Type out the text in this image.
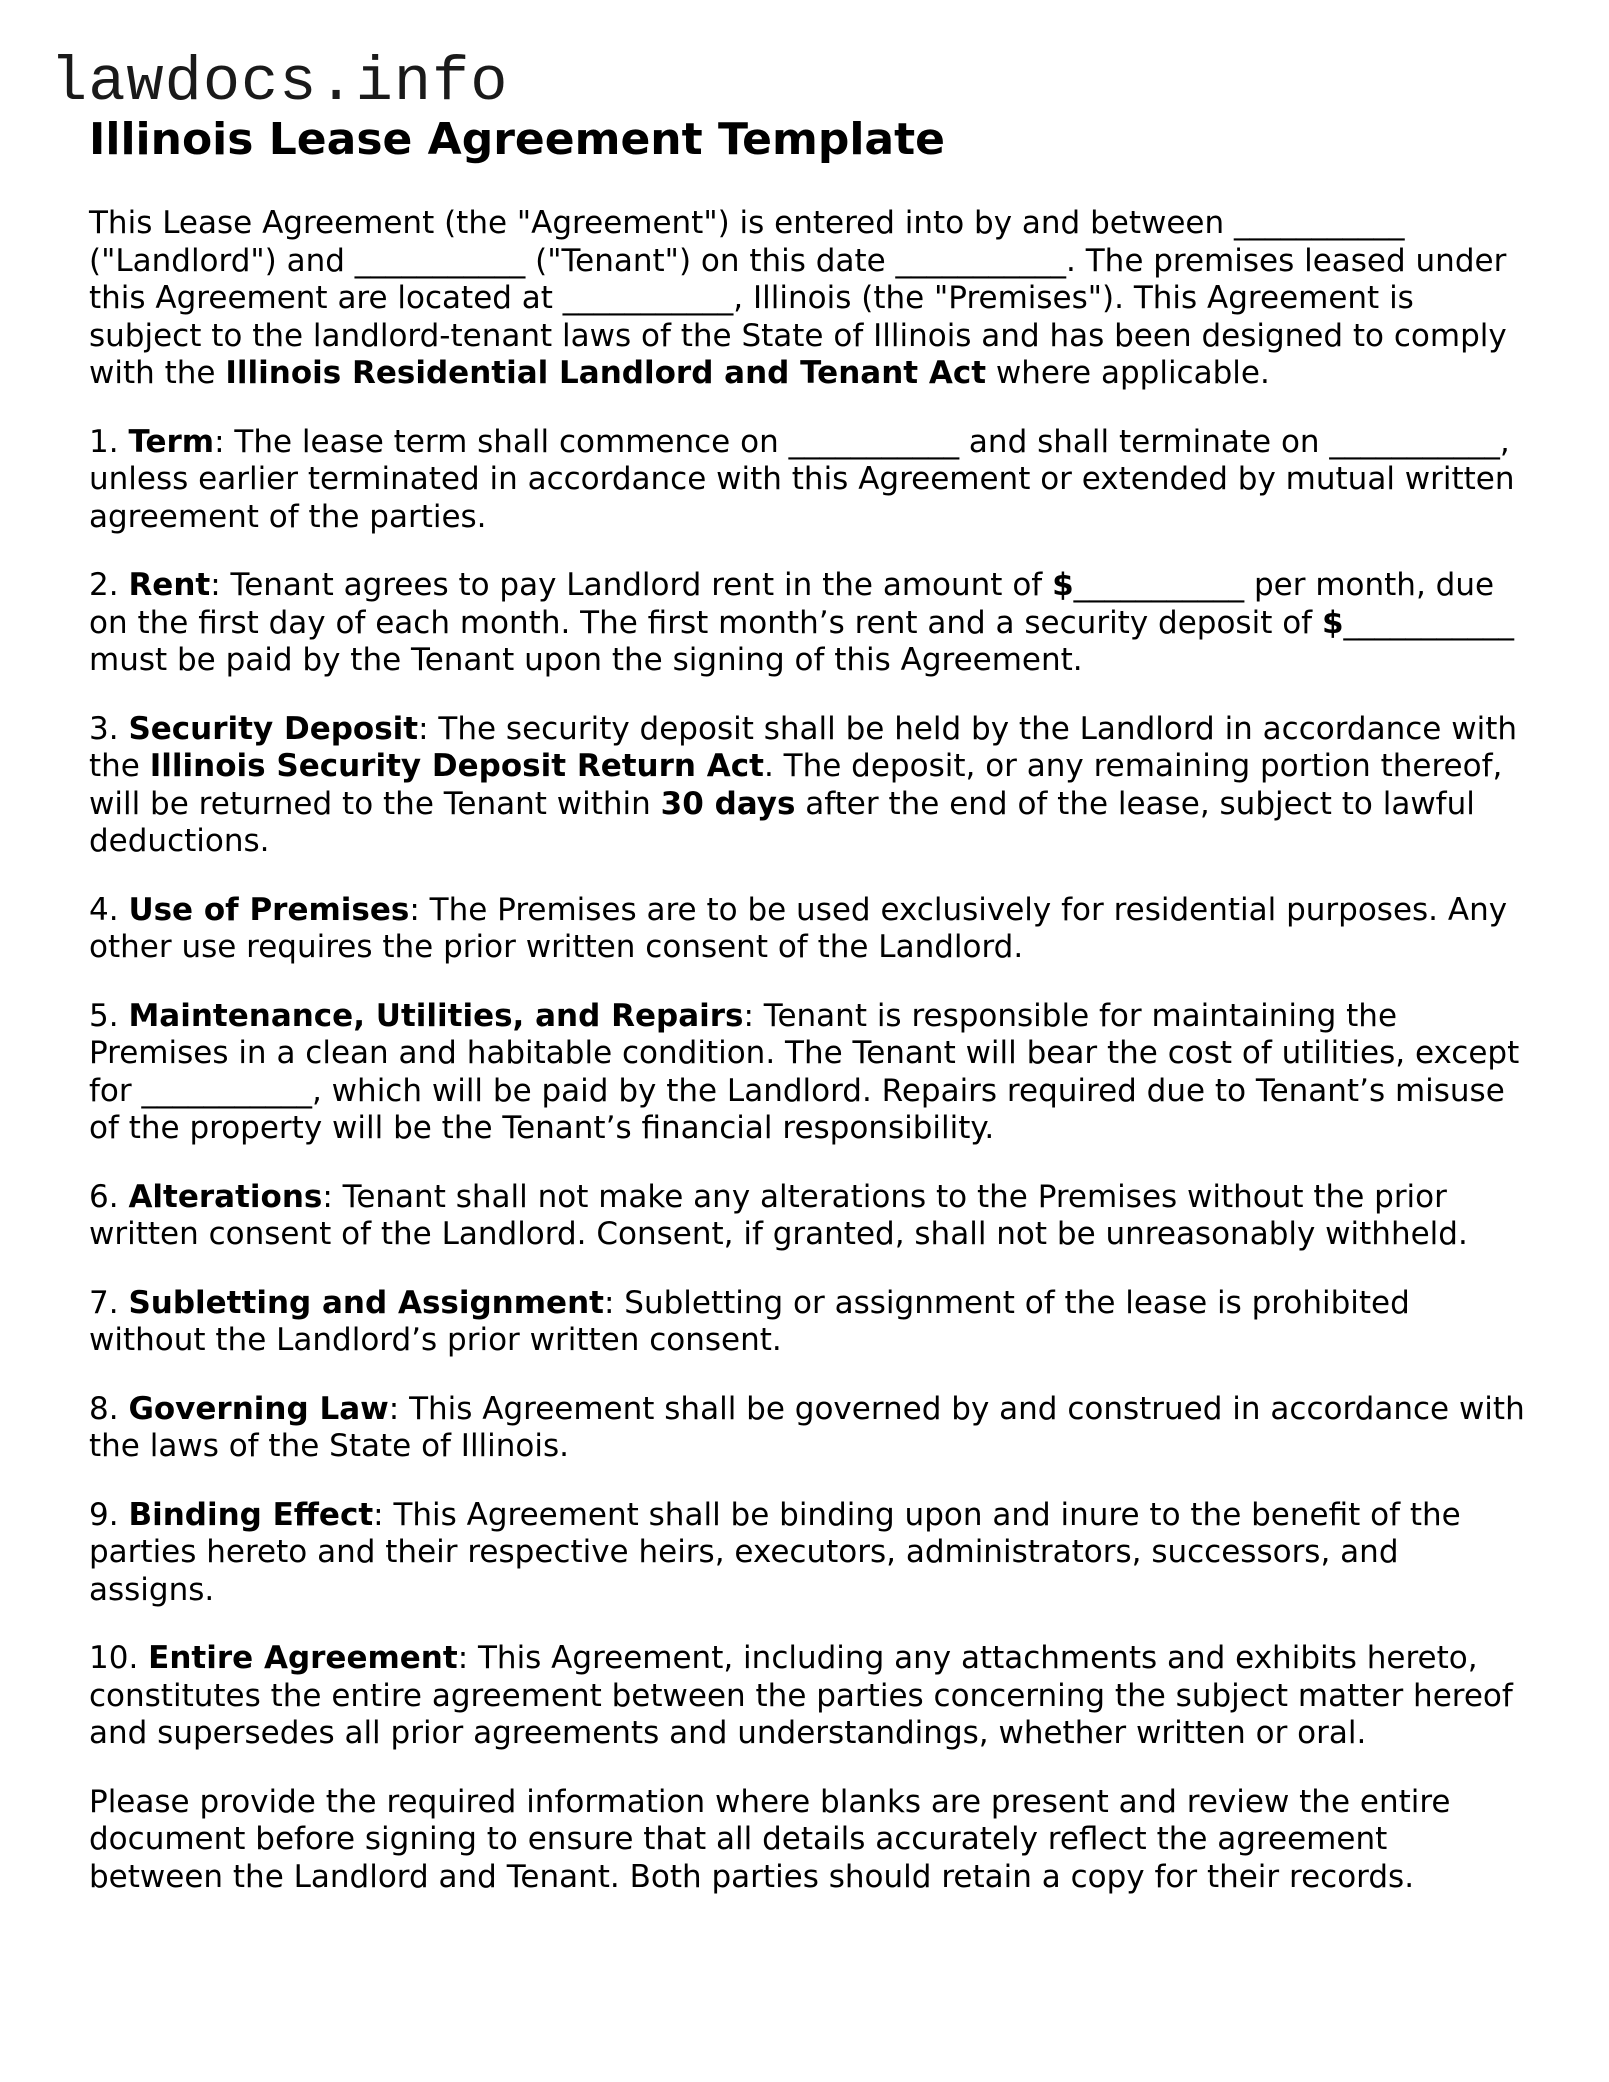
lawdocs.info
Illinois Lease Agreement Template

This Lease Agreement (the "Agreement") is entered into by and between ___________ ("Landlord") and ___________ ("Tenant") on this date ___________. The premises leased under this Agreement are located at ___________, Illinois (the "Premises"). This Agreement is subject to the landlord-tenant laws of the State of Illinois and has been designed to comply with the Illinois Residential Landlord and Tenant Act where applicable.

1. Term: The lease term shall commence on ___________ and shall terminate on ___________, unless earlier terminated in accordance with this Agreement or extended by mutual written agreement of the parties.

2. Rent: Tenant agrees to pay Landlord rent in the amount of $___________ per month, due on the first day of each month. The first month’s rent and a security deposit of $___________ must be paid by the Tenant upon the signing of this Agreement.

3. Security Deposit: The security deposit shall be held by the Landlord in accordance with the Illinois Security Deposit Return Act. The deposit, or any remaining portion thereof, will be returned to the Tenant within 30 days after the end of the lease, subject to lawful deductions.

4. Use of Premises: The Premises are to be used exclusively for residential purposes. Any other use requires the prior written consent of the Landlord.

5. Maintenance, Utilities, and Repairs: Tenant is responsible for maintaining the Premises in a clean and habitable condition. The Tenant will bear the cost of utilities, except for ___________, which will be paid by the Landlord. Repairs required due to Tenant’s misuse of the property will be the Tenant’s financial responsibility.

6. Alterations: Tenant shall not make any alterations to the Premises without the prior written consent of the Landlord. Consent, if granted, shall not be unreasonably withheld.

7. Subletting and Assignment: Subletting or assignment of the lease is prohibited without the Landlord’s prior written consent.

8. Governing Law: This Agreement shall be governed by and construed in accordance with the laws of the State of Illinois.

9. Binding Effect: This Agreement shall be binding upon and inure to the benefit of the parties hereto and their respective heirs, executors, administrators, successors, and assigns.

10. Entire Agreement: This Agreement, including any attachments and exhibits hereto, constitutes the entire agreement between the parties concerning the subject matter hereof and supersedes all prior agreements and understandings, whether written or oral.

Please provide the required information where blanks are present and review the entire document before signing to ensure that all details accurately reflect the agreement between the Landlord and Tenant. Both parties should retain a copy for their records.
